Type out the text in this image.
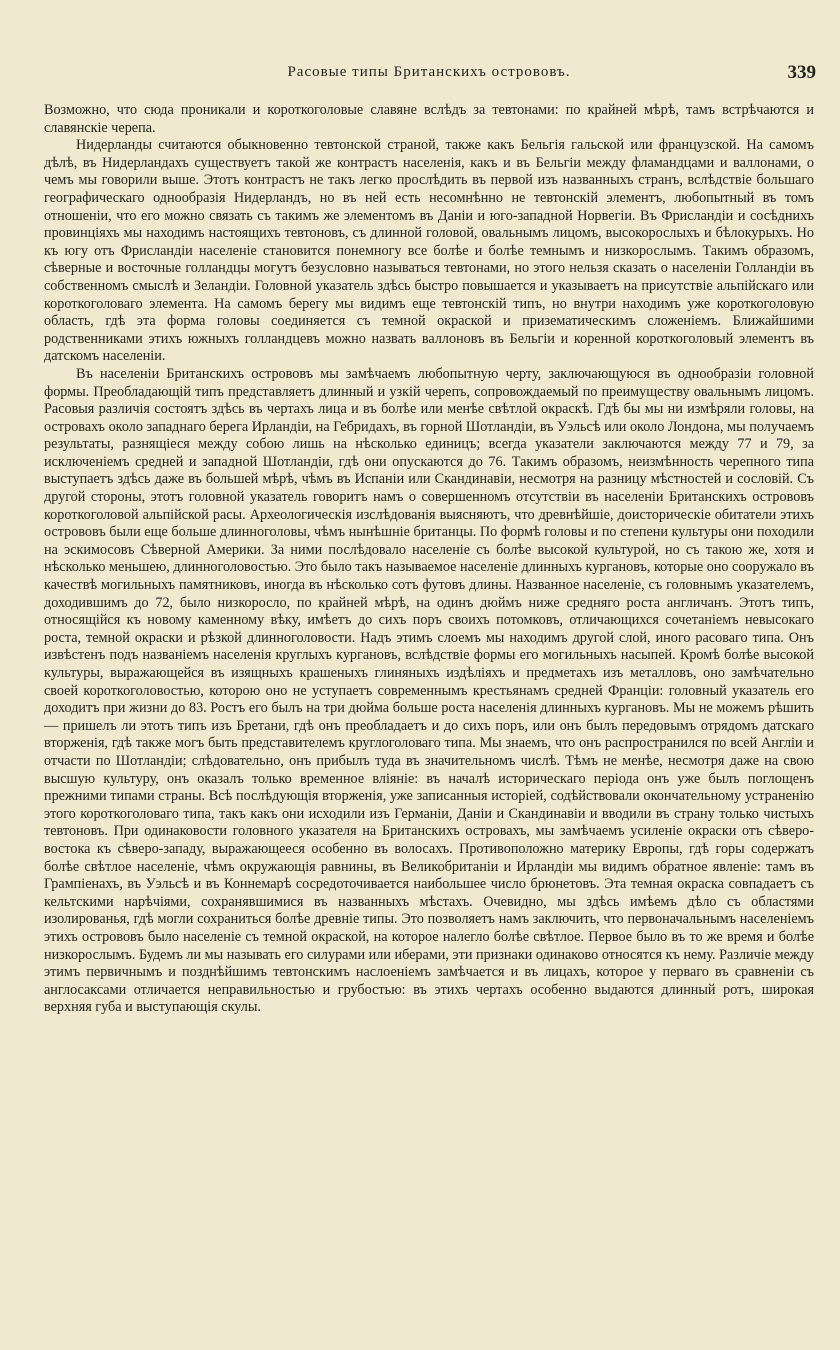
Расовые типы Британскихъ острововъ.	339

Возможно, что сюда проникали и короткоголовые славяне вслѣдъ за тевтонами: по крайней мѣрѣ, тамъ встрѣчаются и славянскіе черепа.

Нидерланды считаются обыкновенно тевтонской страной, также какъ Бельгія гальской или французской. На самомъ дѣлѣ, въ Нидерландахъ существуетъ такой же контрастъ населенія, какъ и въ Бельгіи между фламандцами и валлонами, о чемъ мы говорили выше. Этотъ контрастъ не такъ легко прослѣдить въ первой изъ названныхъ странъ, вслѣдствіе большаго географическаго однообразія Нидерландъ, но въ ней есть несомнѣнно не тевтонскій элементъ, любопытный въ томъ отношеніи, что его можно связать съ такимъ же элементомъ въ Даніи и юго-западной Норвегіи. Въ Фрисландіи и сосѣднихъ провинціяхъ мы находимъ настоящихъ тевтоновъ, съ длинной головой, овальнымъ лицомъ, высокорослыхъ и бѣлокурыхъ. Но къ югу отъ Фрисландіи населеніе становится понемногу все болѣе и болѣе темнымъ и низкорослымъ. Такимъ образомъ, сѣверные и восточные голландцы могутъ безусловно называться тевтонами, но этого нельзя сказать о населеніи Голландіи въ собственномъ смыслѣ и Зеландіи. Головной указатель здѣсь быстро повышается и указываетъ на присутствіе альпійскаго или короткоголоваго элемента. На самомъ берегу мы видимъ еще тевтонскій типъ, но внутри находимъ уже короткоголовую область, гдѣ эта форма головы соединяется съ темной окраской и призематическимъ сложеніемъ. Ближайшими родственниками этихъ южныхъ голландцевъ можно назвать валлоновъ въ Бельгіи и коренной короткоголовый элементъ въ датскомъ населеніи.

Въ населеніи Британскихъ острововъ мы замѣчаемъ любопытную черту, заключающуюся въ однообразіи головной формы. Преобладающій типъ представляетъ длинный и узкій черепъ, сопровождаемый по преимуществу овальнымъ лицомъ. Расовыя различія состоятъ здѣсь въ чертахъ лица и въ болѣе или менѣе свѣтлой окраскѣ. Гдѣ бы мы ни измѣряли головы, на островахъ около западнаго берега Ирландіи, на Гебридахъ, въ горной Шотландіи, въ Уэльсѣ или около Лондона, мы получаемъ результаты, разнящіеся между собою лишь на нѣсколько единицъ; всегда указатели заключаются между 77 и 79, за исключеніемъ средней и западной Шотландіи, гдѣ они опускаются до 76. Такимъ образомъ, неизмѣнность черепного типа выступаетъ здѣсь даже въ большей мѣрѣ, чѣмъ въ Испаніи или Скандинавіи, несмотря на разницу мѣстностей и сословій. Съ другой стороны, этотъ головной указатель говоритъ намъ о совершенномъ отсутствіи въ населеніи Британскихъ острововъ короткоголовой альпійской расы. Археологическія изслѣдованія выясняютъ, что древнѣйшіе, доисторическіе обитатели этихъ острововъ были еще больше длинноголовы, чѣмъ нынѣшніе британцы. По формѣ головы и по степени культуры они походили на эскимосовъ Сѣверной Америки. За ними послѣдовало населеніе съ болѣе высокой культурой, но съ такою же, хотя и нѣсколько меньшею, длинноголовостью. Это было такъ называемое населеніе длинныхъ кургановъ, которые оно сооружало въ качествѣ могильныхъ памятниковъ, иногда въ нѣсколько сотъ футовъ длины. Названное населеніе, съ головнымъ указателемъ, доходившимъ до 72, было низкорослo, по крайней мѣрѣ, на одинъ дюймъ ниже средняго роста англичанъ. Этотъ типъ, относящійся къ новому каменному вѣку, имѣетъ до сихъ поръ своихъ потомковъ, отличающихся сочетаніемъ невысокаго роста, темной окраски и рѣзкой длинноголовости. Надъ этимъ слоемъ мы находимъ другой слой, иного расоваго типа. Онъ извѣстенъ подъ названіемъ населенія круглыхъ кургановъ, вслѣдствіе формы его могильныхъ насыпей. Кромѣ болѣе высокой культуры, выражающейся въ изящныхъ крашеныхъ глиняныхъ издѣліяхъ и предметахъ изъ металловъ, оно замѣчательно своей короткоголовостью, которою оно не уступаетъ современнымъ крестьянамъ средней Франціи: головный указатель его доходитъ при жизни до 83. Ростъ его былъ на три дюйма больше роста населенія длинныхъ кургановъ. Мы не можемъ рѣшить — пришелъ ли этотъ типъ изъ Бретани, гдѣ онъ преобладаетъ и до сихъ поръ, или онъ былъ передовымъ отрядомъ датскаго вторженія, гдѣ также могъ быть представителемъ круглоголоваго типа. Мы знаемъ, что онъ распространился по всей Англіи и отчасти по Шотландіи; слѣдовательно, онъ прибылъ туда въ значительномъ числѣ. Тѣмъ не менѣе, несмотря даже на свою высшую культуру, онъ оказалъ только временное вліяніе: въ началѣ историческаго періода онъ уже былъ поглощенъ прежними типами страны. Всѣ послѣдующія вторженія, уже записанныя исторіей, содѣйствовали окончательному устраненію этого короткоголоваго типа, такъ какъ они исходили изъ Германіи, Даніи и Скандинавіи и вводили въ страну только чистыхъ тевтоновъ. При одинаковости головного указателя на Британскихъ островахъ, мы замѣчаемъ усиленіе окраски отъ сѣверо-востока къ сѣверо-западу, выражающееся особенно въ волосахъ. Противоположно материку Европы, гдѣ горы содержатъ болѣе свѣтлое населеніе, чѣмъ окружающія равнины, въ Великобританіи и Ирландіи мы видимъ обратное явленіе: тамъ въ Грампіенахъ, въ Уэльсѣ и въ Коннемарѣ сосредоточивается наибольшее число брюнетовъ. Эта темная окраска совпадаетъ съ кельтскими нарѣчіями, сохранявшимися въ названныхъ мѣстахъ. Очевидно, мы здѣсь имѣемъ дѣло съ областями изолированья, гдѣ могли сохраниться болѣе древніе типы. Это позволяетъ намъ заключить, что первоначальнымъ населеніемъ этихъ острововъ было населеніе съ темной окраской, на которое налегло болѣе свѣтлое. Первое было въ то же время и болѣе низкорослымъ. Будемъ ли мы называть его силурами или иберами, эти признаки одинаково относятся къ нему. Различіе между этимъ первичнымъ и позднѣйшимъ тевтонскимъ наслоеніемъ замѣчается и въ лицахъ, которое у перваго въ сравненіи съ англосаксами отличается неправильностью и грубостью: въ этихъ чертахъ особенно выдаются длинный ротъ, широкая верхняя губа и выступающія скулы.
